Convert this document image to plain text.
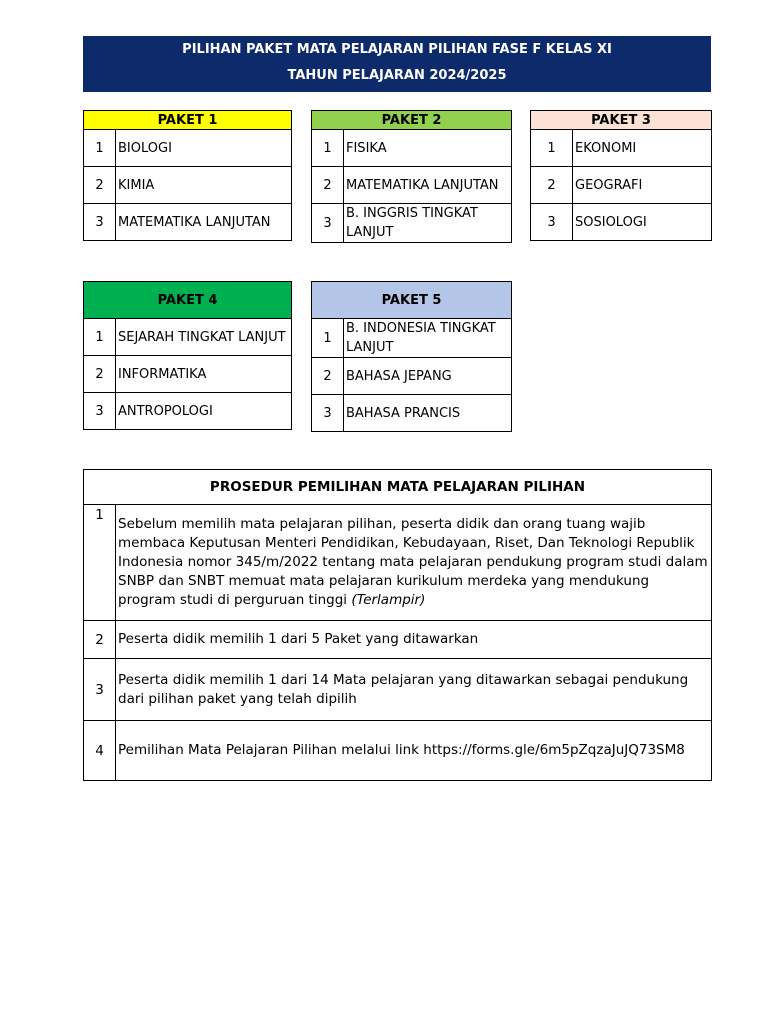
PILIHAN PAKET MATA PELAJARAN PILIHAN FASE F KELAS XI
TAHUN PELAJARAN 2024/2025
PAKET 1	
1	BIOLOGI
2	KIMIA
3	MATEMATIKA LANJUTAN
PAKET 2	
1	FISIKA
2	MATEMATIKA LANJUTAN
3	B. INGGRIS TINGKAT LANJUT
PAKET 3	
1	EKONOMI
2	GEOGRAFI
3	SOSIOLOGI
PAKET 4	
1	SEJARAH TINGKAT LANJUT
2	INFORMATIKA
3	ANTROPOLOGI
PAKET 5	
1	B. INDONESIA TINGKAT LANJUT
2	BAHASA JEPANG
3	BAHASA PRANCIS
PROSEDUR PEMILIHAN MATA PELAJARAN PILIHAN	
1	Sebelum memilih mata pelajaran pilihan, peserta didik dan orang tuang wajib membaca Keputusan Menteri Pendidikan, Kebudayaan, Riset, Dan Teknologi Republik Indonesia nomor 345/m/2022 tentang mata pelajaran pendukung program studi dalam SNBP dan SNBT memuat mata pelajaran kurikulum merdeka yang mendukung program studi di perguruan tinggi (Terlampir)
2	Peserta didik memilih 1 dari 5 Paket yang ditawarkan
3	Peserta didik memilih 1 dari 14 Mata pelajaran yang ditawarkan sebagai pendukung dari pilihan paket yang telah dipilih
4	Pemilihan Mata Pelajaran Pilihan melalui link https://forms.gle/6m5pZqzaJuJQ73SM8
